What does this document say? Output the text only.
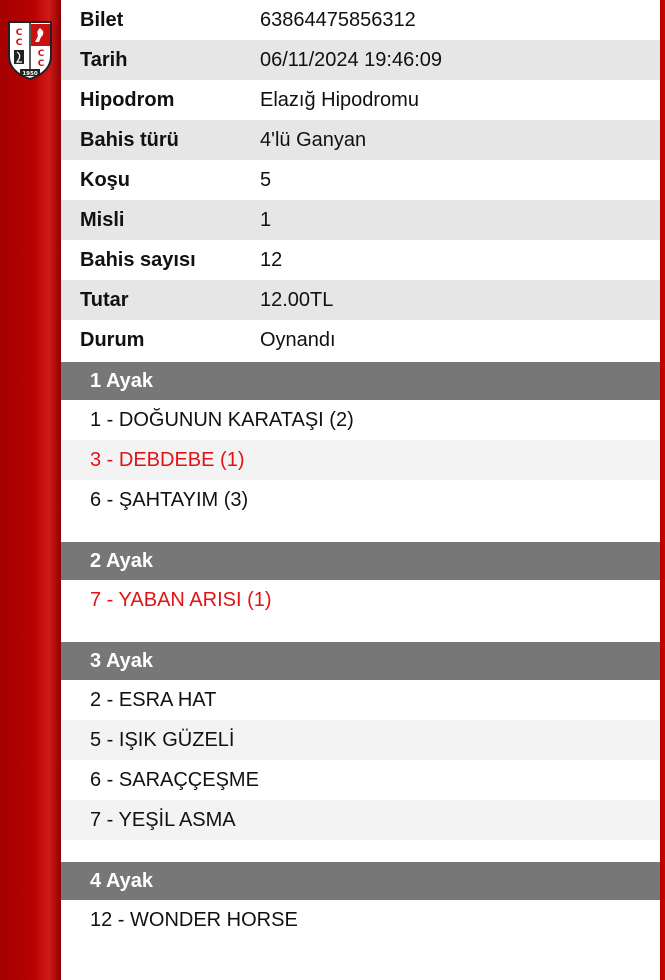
C
C
C
C
1950
Bilet	63864475856312
Tarih	06/11/2024 19:46:09
Hipodrom	Elazığ Hipodromu
Bahis türü	4'lü Ganyan
Koşu	5
Misli	1
Bahis sayısı	12
Tutar	12.00TL
Durum	Oynandı
1 Ayak
1 - DOĞUNUN KARATAŞI (2)
3 - DEBDEBE (1)
6 - ŞAHTAYIM (3)
2 Ayak
7 - YABAN ARISI (1)
3 Ayak
2 - ESRA HAT
5 - IŞIK GÜZELİ
6 - SARAÇÇEŞME
7 - YEŞİL ASMA
4 Ayak
12 - WONDER HORSE
